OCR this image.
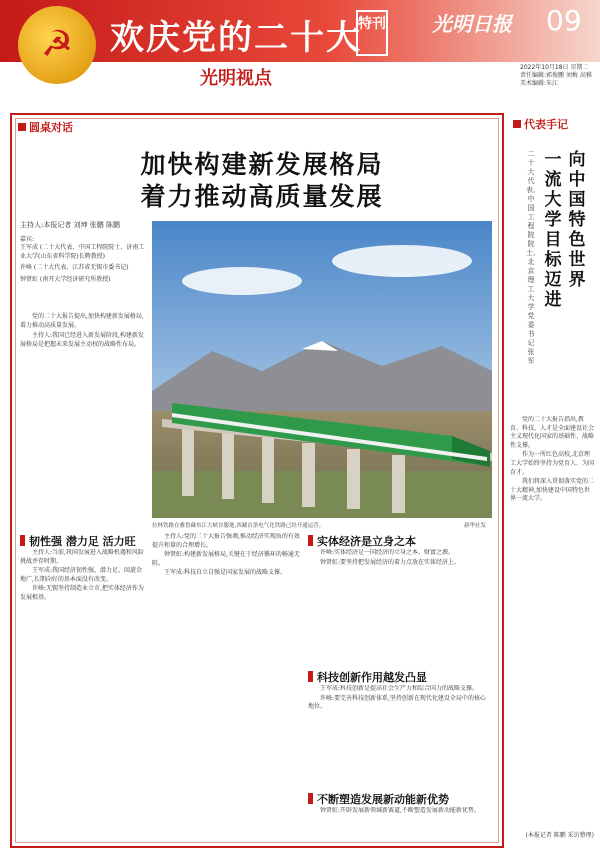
☭	欢庆党的二十大
特刊
光明视点
光明日报 09
2022年10月18日 星期二
责任编辑:郭俊鹏 刘梅 高雅
美术编辑:朱江
圆桌对话
加快构建新发展格局
着力推动高质量发展
主持人:本报记者 刘坤 张鹏 陈鹏
嘉宾:
王军成 (二十大代表、中国工程院院士、济南工业大学(山东省科学院)长聘教授)
许峰 (二十大代表、江苏省无锡市委书记)
钟贤虹 (南开大学经济研究所教授)

党的二十大报告提出,加快构建新发展格局,着力推动高质量发展。

主持人:我国已经进入新发展阶段,构建新发展格局是把握未来发展主动权的战略性布局。

拉林铁路在雅鲁藏布江大峡谷腹地,西藏首条电气化铁路已经开通运营。	新华社发
韧性强 潜力足 活力旺

主持人:当前,我国发展进入战略机遇和风险挑战并存时期。

王军成:我国经济韧性强、潜力足、回旋余地广,长期向好的基本面没有改变。

许峰:无锡坚持制造业立市,把实体经济作为发展根基。

主持人:党的二十大报告强调,推动经济实现质的有效提升和量的合理增长。

钟贤虹:构建新发展格局,关键在于经济循环的畅通无阻。

王军成:科技自立自强是国家发展的战略支撑。

实体经济是立身之本

许峰:实体经济是一国经济的立身之本、财富之源。

钟贤虹:要坚持把发展经济的着力点放在实体经济上。

科技创新作用越发凸显

王军成:科技创新是提高社会生产力和综合国力的战略支撑。

许峰:要完善科技创新体系,坚持创新在现代化建设全局中的核心地位。

不断塑造发展新动能新优势

钟贤虹:开辟发展新领域新赛道,不断塑造发展新动能新优势。

代表手记
向中国特色世界
一流大学目标迈进
二十大代表、中国工程院院士、北京理工大学党委书记 张军

党的二十大报告指出,教育、科技、人才是全面建设社会主义现代化国家的基础性、战略性支撑。

作为一所红色高校,北京理工大学始终坚持为党育人、为国育才。

我们将深入贯彻落实党的二十大精神,加快建设中国特色世界一流大学。

(本报记者 陈鹏 采访整理)
